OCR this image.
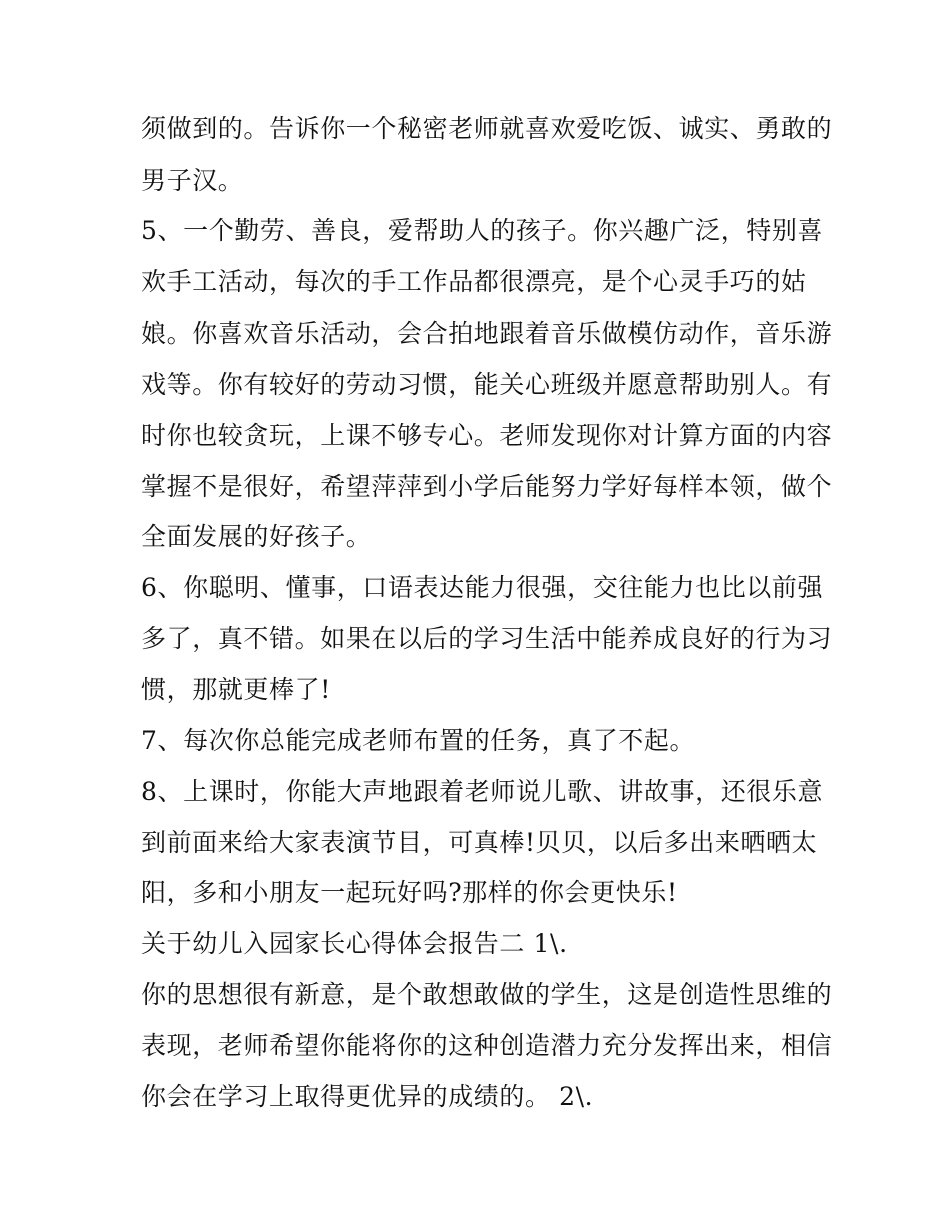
须做到的。告诉你一个秘密老师就喜欢爱吃饭、诚实、勇敢的

男子汉。

5、一个勤劳、善良，爱帮助人的孩子。你兴趣广泛，特别喜

欢手工活动，每次的手工作品都很漂亮，是个心灵手巧的姑

娘。你喜欢音乐活动，会合拍地跟着音乐做模仿动作，音乐游

戏等。你有较好的劳动习惯，能关心班级并愿意帮助别人。有

时你也较贪玩，上课不够专心。老师发现你对计算方面的内容

掌握不是很好，希望萍萍到小学后能努力学好每样本领，做个

全面发展的好孩子。

6、你聪明、懂事，口语表达能力很强，交往能力也比以前强

多了，真不错。如果在以后的学习生活中能养成良好的行为习

惯，那就更棒了!

7、每次你总能完成老师布置的任务，真了不起。

8、上课时，你能大声地跟着老师说儿歌、讲故事，还很乐意

到前面来给大家表演节目，可真棒!贝贝，以后多出来晒晒太

阳，多和小朋友一起玩好吗?那样的你会更快乐!

关于幼儿入园家长心得体会报告二 1\.

你的思想很有新意，是个敢想敢做的学生，这是创造性思维的

表现，老师希望你能将你的这种创造潜力充分发挥出来，相信

你会在学习上取得更优异的成绩的。 2\.
